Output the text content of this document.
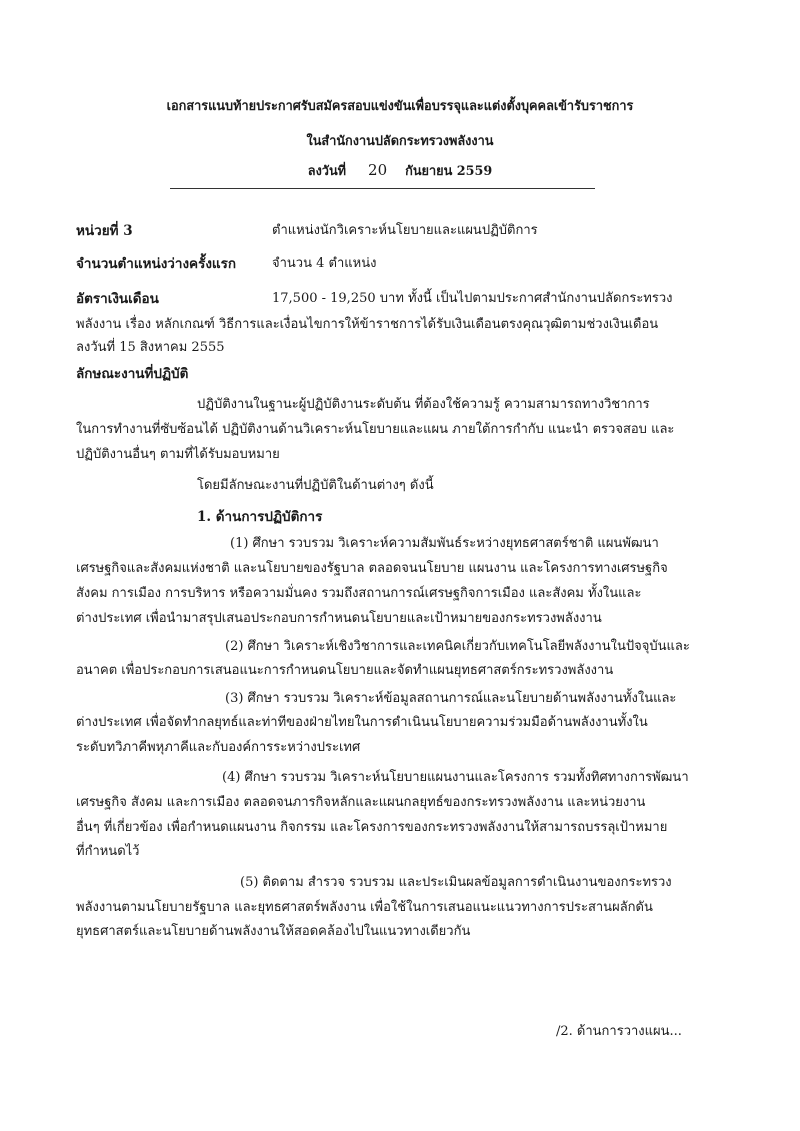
เอกสารแนบท้ายประกาศรับสมัครสอบแข่งขันเพื่อบรรจุและแต่งตั้งบุคคลเข้ารับราชการ
ในสำนักงานปลัดกระทรวงพลังงาน
ลงวันที่ 20 กันยายน 2559
หน่วยที่ 3	ตำแหน่งนักวิเคราะห์นโยบายและแผนปฏิบัติการ
จำนวนตำแหน่งว่างครั้งแรก	จำนวน 4 ตำแหน่ง
อัตราเงินเดือน	17,500 - 19,250 บาท ทั้งนี้ เป็นไปตามประกาศสำนักงานปลัดกระทรวง
พลังงาน เรื่อง หลักเกณฑ์ วิธีการและเงื่อนไขการให้ข้าราชการได้รับเงินเดือนตรงคุณวุฒิตามช่วงเงินเดือน
ลงวันที่ 15 สิงหาคม 2555
ลักษณะงานที่ปฏิบัติ
ปฏิบัติงานในฐานะผู้ปฏิบัติงานระดับต้น ที่ต้องใช้ความรู้ ความสามารถทางวิชาการ
ในการทำงานที่ซับซ้อนได้ ปฏิบัติงานด้านวิเคราะห์นโยบายและแผน ภายใต้การกำกับ แนะนำ ตรวจสอบ และ
ปฏิบัติงานอื่นๆ ตามที่ได้รับมอบหมาย
โดยมีลักษณะงานที่ปฏิบัติในด้านต่างๆ ดังนี้
1. ด้านการปฏิบัติการ
(1) ศึกษา รวบรวม วิเคราะห์ความสัมพันธ์ระหว่างยุทธศาสตร์ชาติ แผนพัฒนา
เศรษฐกิจและสังคมแห่งชาติ และนโยบายของรัฐบาล ตลอดจนนโยบาย แผนงาน และโครงการทางเศรษฐกิจ
สังคม การเมือง การบริหาร หรือความมั่นคง รวมถึงสถานการณ์เศรษฐกิจการเมือง และสังคม ทั้งในและ
ต่างประเทศ เพื่อนำมาสรุปเสนอประกอบการกำหนดนโยบายและเป้าหมายของกระทรวงพลังงาน
(2) ศึกษา วิเคราะห์เชิงวิชาการและเทคนิคเกี่ยวกับเทคโนโลยีพลังงานในปัจจุบันและ
อนาคต เพื่อประกอบการเสนอแนะการกำหนดนโยบายและจัดทำแผนยุทธศาสตร์กระทรวงพลังงาน
(3) ศึกษา รวบรวม วิเคราะห์ข้อมูลสถานการณ์และนโยบายด้านพลังงานทั้งในและ
ต่างประเทศ เพื่อจัดทำกลยุทธ์และท่าทีของฝ่ายไทยในการดำเนินนโยบายความร่วมมือด้านพลังงานทั้งใน
ระดับทวิภาคีพหุภาคีและกับองค์การระหว่างประเทศ
(4) ศึกษา รวบรวม วิเคราะห์นโยบายแผนงานและโครงการ รวมทั้งทิศทางการพัฒนา
เศรษฐกิจ สังคม และการเมือง ตลอดจนภารกิจหลักและแผนกลยุทธ์ของกระทรวงพลังงาน และหน่วยงาน
อื่นๆ ที่เกี่ยวข้อง เพื่อกำหนดแผนงาน กิจกรรม และโครงการของกระทรวงพลังงานให้สามารถบรรลุเป้าหมาย
ที่กำหนดไว้
(5) ติดตาม สำรวจ รวบรวม และประเมินผลข้อมูลการดำเนินงานของกระทรวง
พลังงานตามนโยบายรัฐบาล และยุทธศาสตร์พลังงาน เพื่อใช้ในการเสนอแนะแนวทางการประสานผลักดัน
ยุทธศาสตร์และนโยบายด้านพลังงานให้สอดคล้องไปในแนวทางเดียวกัน
/2. ด้านการวางแผน...
